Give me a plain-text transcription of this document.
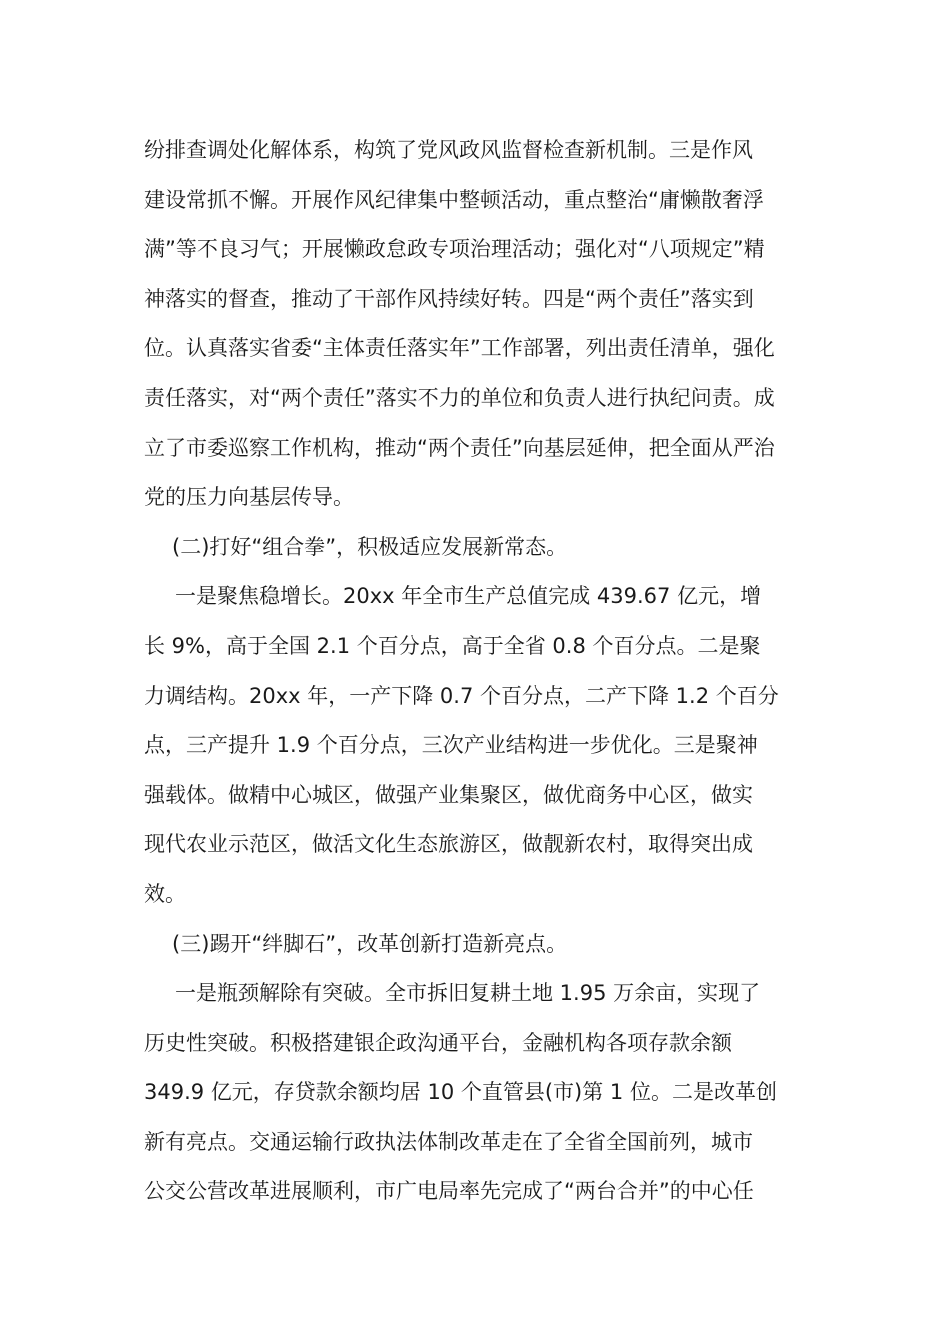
纷排查调处化解体系，构筑了党风政风监督检查新机制。三是作风
建设常抓不懈。开展作风纪律集中整顿活动，重点整治“庸懒散奢浮
满”等不良习气；开展懒政怠政专项治理活动；强化对“八项规定”精
神落实的督查，推动了干部作风持续好转。四是“两个责任”落实到
位。认真落实省委“主体责任落实年”工作部署，列出责任清单，强化
责任落实，对“两个责任”落实不力的单位和负责人进行执纪问责。成
立了市委巡察工作机构，推动“两个责任”向基层延伸，把全面从严治
党的压力向基层传导。
(二)打好“组合拳”，积极适应发展新常态。
一是聚焦稳增长。20xx 年全市生产总值完成 439.67 亿元，增
长 9%，高于全国 2.1 个百分点，高于全省 0.8 个百分点。二是聚
力调结构。20xx 年，一产下降 0.7 个百分点，二产下降 1.2 个百分
点，三产提升 1.9 个百分点，三次产业结构进一步优化。三是聚神
强载体。做精中心城区，做强产业集聚区，做优商务中心区，做实
现代农业示范区，做活文化生态旅游区，做靓新农村，取得突出成
效。
(三)踢开“绊脚石”，改革创新打造新亮点。
一是瓶颈解除有突破。全市拆旧复耕土地 1.95 万余亩，实现了
历史性突破。积极搭建银企政沟通平台，金融机构各项存款余额
349.9 亿元，存贷款余额均居 10 个直管县(市)第 1 位。二是改革创
新有亮点。交通运输行政执法体制改革走在了全省全国前列，城市
公交公营改革进展顺利，市广电局率先完成了“两台合并”的中心任
